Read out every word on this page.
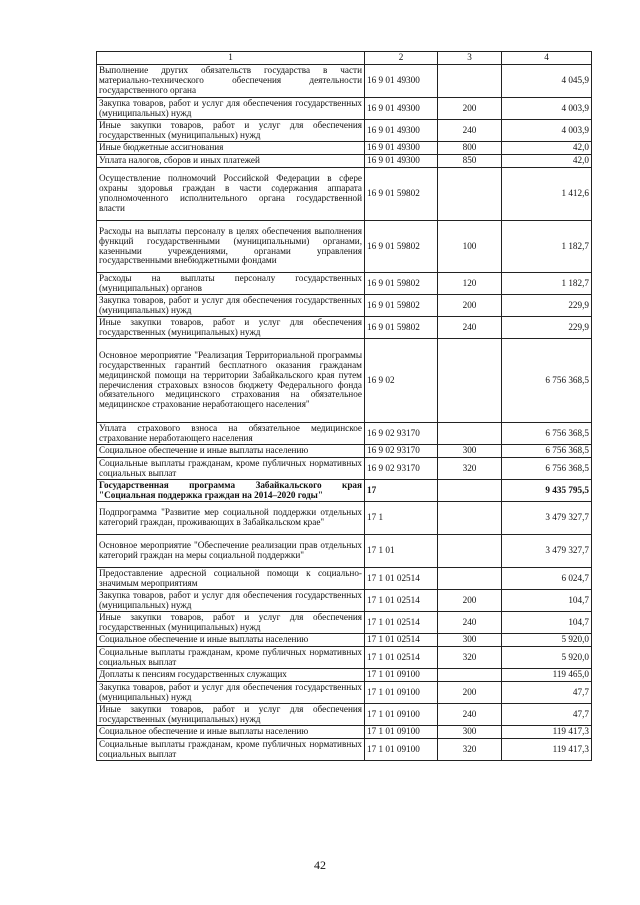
1	2	3	4
Выполнение других обязательств государства в части материально-технического обеспечения деятельности государственного органа	16 9 01 49300		4 045,9
Закупка товаров, работ и услуг для обеспечения государственных (муниципальных) нужд	16 9 01 49300	200	4 003,9
Иные закупки товаров, работ и услуг для обеспечения государственных (муниципальных) нужд	16 9 01 49300	240	4 003,9
Иные бюджетные ассигнования	16 9 01 49300	800	42,0
Уплата налогов, сборов и иных платежей	16 9 01 49300	850	42,0
Осуществление полномочий Российской Федерации в сфере охраны здоровья граждан в части содержания аппарата уполномоченного исполнительного органа государственной власти	16 9 01 59802		1 412,6
Расходы на выплаты персоналу в целях обеспечения выполнения функций государственными (муниципальными) органами, казенными учреждениями, органами управления государственными внебюджетными фондами	16 9 01 59802	100	1 182,7
Расходы на выплаты персоналу государственных (муниципальных) органов	16 9 01 59802	120	1 182,7
Закупка товаров, работ и услуг для обеспечения государственных (муниципальных) нужд	16 9 01 59802	200	229,9
Иные закупки товаров, работ и услуг для обеспечения государственных (муниципальных) нужд	16 9 01 59802	240	229,9
Основное мероприятие "Реализация Территориальной программы государственных гарантий бесплатного оказания гражданам медицинской помощи на территории Забайкальского края путем перечисления страховых взносов бюджету Федерального фонда обязательного медицинского страхования на обязательное медицинское страхование неработающего населения"	16 9 02		6 756 368,5
Уплата страхового взноса на обязательное медицинское страхование неработающего населения	16 9 02 93170		6 756 368,5
Социальное обеспечение и иные выплаты населению	16 9 02 93170	300	6 756 368,5
Социальные выплаты гражданам, кроме публичных нормативных социальных выплат	16 9 02 93170	320	6 756 368,5
Государственная программа Забайкальского края "Социальная поддержка граждан на 2014–2020 годы"	17		9 435 795,5
Подпрограмма "Развитие мер социальной поддержки отдельных категорий граждан, проживающих в Забайкальском крае"	17 1		3 479 327,7
Основное мероприятие "Обеспечение реализации прав отдельных категорий граждан на меры социальной поддержки"	17 1 01		3 479 327,7
Предоставление адресной социальной помощи к социально-значимым мероприятиям	17 1 01 02514		6 024,7
Закупка товаров, работ и услуг для обеспечения государственных (муниципальных) нужд	17 1 01 02514	200	104,7
Иные закупки товаров, работ и услуг для обеспечения государственных (муниципальных) нужд	17 1 01 02514	240	104,7
Социальное обеспечение и иные выплаты населению	17 1 01 02514	300	5 920,0
Социальные выплаты гражданам, кроме публичных нормативных социальных выплат	17 1 01 02514	320	5 920,0
Доплаты к пенсиям государственных служащих	17 1 01 09100		119 465,0
Закупка товаров, работ и услуг для обеспечения государственных (муниципальных) нужд	17 1 01 09100	200	47,7
Иные закупки товаров, работ и услуг для обеспечения государственных (муниципальных) нужд	17 1 01 09100	240	47,7
Социальное обеспечение и иные выплаты населению	17 1 01 09100	300	119 417,3
Социальные выплаты гражданам, кроме публичных нормативных социальных выплат	17 1 01 09100	320	119 417,3
42
